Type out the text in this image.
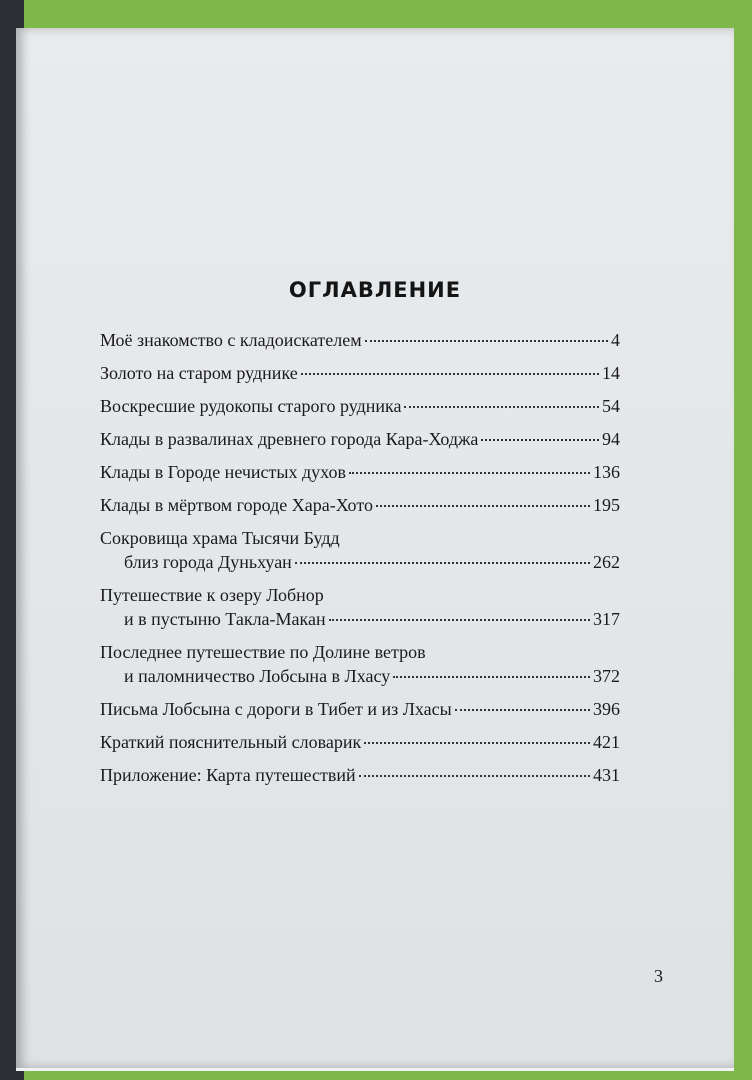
ОГЛАВЛЕНИЕ
Моё знакомство с кладоискателем	4
Золото на старом руднике	14
Воскресшие рудокопы старого рудника	54
Клады в развалинах древнего города Кара-Ходжа	94
Клады в Городе нечистых духов	136
Клады в мёртвом городе Хара-Хото	195
Сокровища храма Тысячи Будд
близ города Дуньхуан	262
Путешествие к озеру Лобнор
и в пустыню Такла-Макан	317
Последнее путешествие по Долине ветров
и паломничество Лобсына в Лхасу	372
Письма Лобсына с дороги в Тибет и из Лхасы	396
Краткий пояснительный словарик	421
Приложение: Карта путешествий	431
3
